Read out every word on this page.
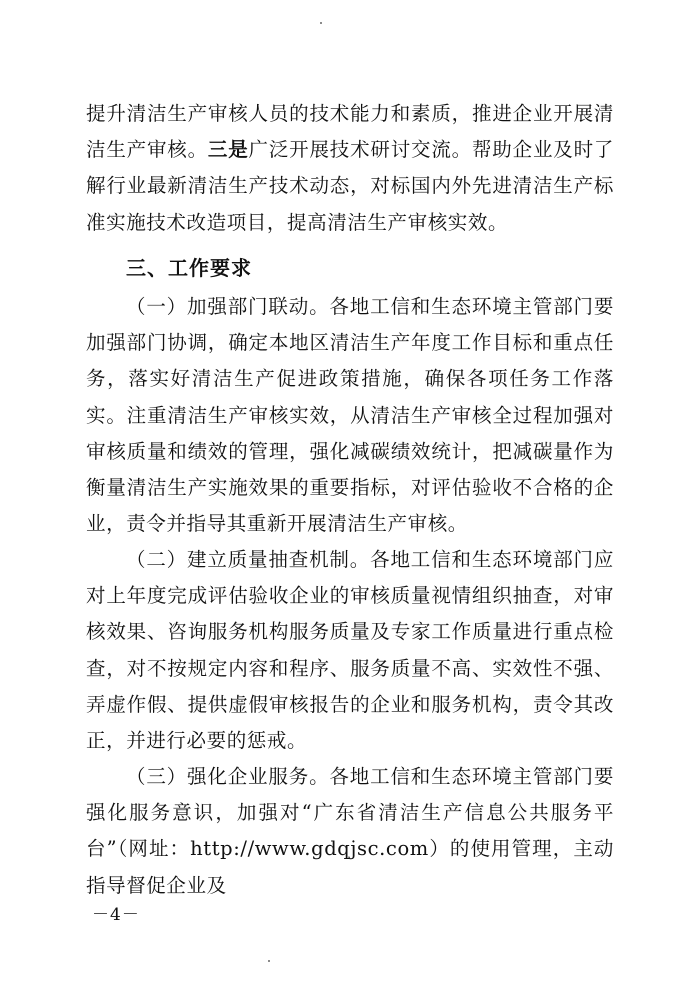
提升清洁生产审核人员的技术能力和素质，推进企业开展清洁生产审核。三是广泛开展技术研讨交流。帮助企业及时了解行业最新清洁生产技术动态，对标国内外先进清洁生产标准实施技术改造项目，提高清洁生产审核实效。

三、工作要求

（一）加强部门联动。各地工信和生态环境主管部门要加强部门协调，确定本地区清洁生产年度工作目标和重点任务，落实好清洁生产促进政策措施，确保各项任务工作落实。注重清洁生产审核实效，从清洁生产审核全过程加强对审核质量和绩效的管理，强化减碳绩效统计，把减碳量作为衡量清洁生产实施效果的重要指标，对评估验收不合格的企业，责令并指导其重新开展清洁生产审核。

（二）建立质量抽查机制。各地工信和生态环境部门应对上年度完成评估验收企业的审核质量视情组织抽查，对审核效果、咨询服务机构服务质量及专家工作质量进行重点检查，对不按规定内容和程序、服务质量不高、实效性不强、弄虚作假、提供虚假审核报告的企业和服务机构，责令其改正，并进行必要的惩戒。

（三）强化企业服务。各地工信和生态环境主管部门要强化服务意识，加强对“广东省清洁生产信息公共服务平台”（网址：http://www.gdqjsc.com）的使用管理，主动指导督促企业及

－4－
